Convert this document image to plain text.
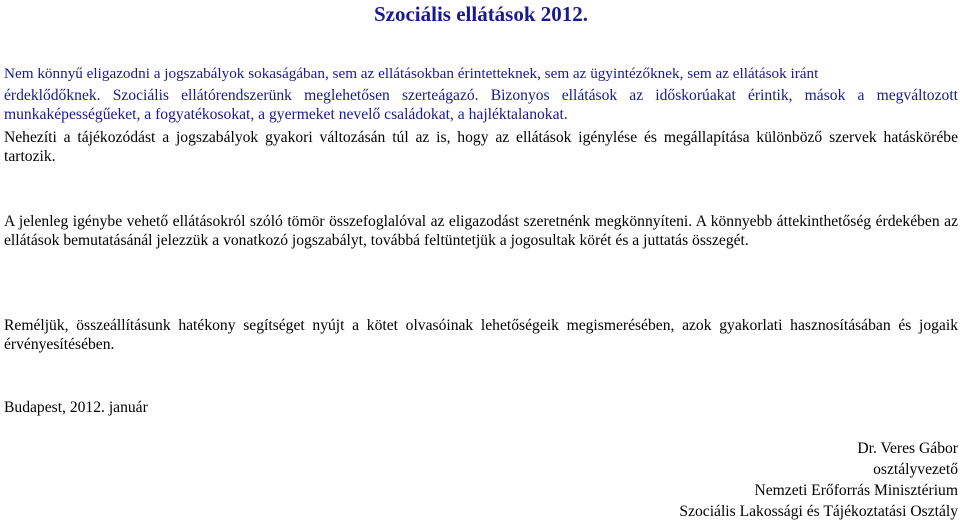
Szociális ellátások 2012.

Nem könnyű eligazodni a jogszabályok sokaságában, sem az ellátásokban érintetteknek, sem az ügyintézőknek, sem az ellátások iránt

érdeklődőknek. Szociális ellátórendszerünk meglehetősen szerteágazó. Bizonyos ellátások az időskorúakat érintik, mások a megváltozott munkaképességűeket, a fogyatékosokat, a gyermeket nevelő családokat, a hajléktalanokat.

Nehezíti a tájékozódást a jogszabályok gyakori változásán túl az is, hogy az ellátások igénylése és megállapítása különböző szervek hatáskörébe tartozik.

A jelenleg igénybe vehető ellátásokról szóló tömör összefoglalóval az eligazodást szeretnénk megkönnyíteni. A könnyebb áttekinthetőség érdekében az ellátások bemutatásánál jelezzük a vonatkozó jogszabályt, továbbá feltüntetjük a jogosultak körét és a juttatás összegét.

Reméljük, összeállításunk hatékony segítséget nyújt a kötet olvasóinak lehetőségeik megismerésében, azok gyakorlati hasznosításában és jogaik érvényesítésében.

Budapest, 2012. január
Dr. Veres Gábor
osztályvezető
Nemzeti Erőforrás Minisztérium
Szociális Lakossági és Tájékoztatási Osztály
